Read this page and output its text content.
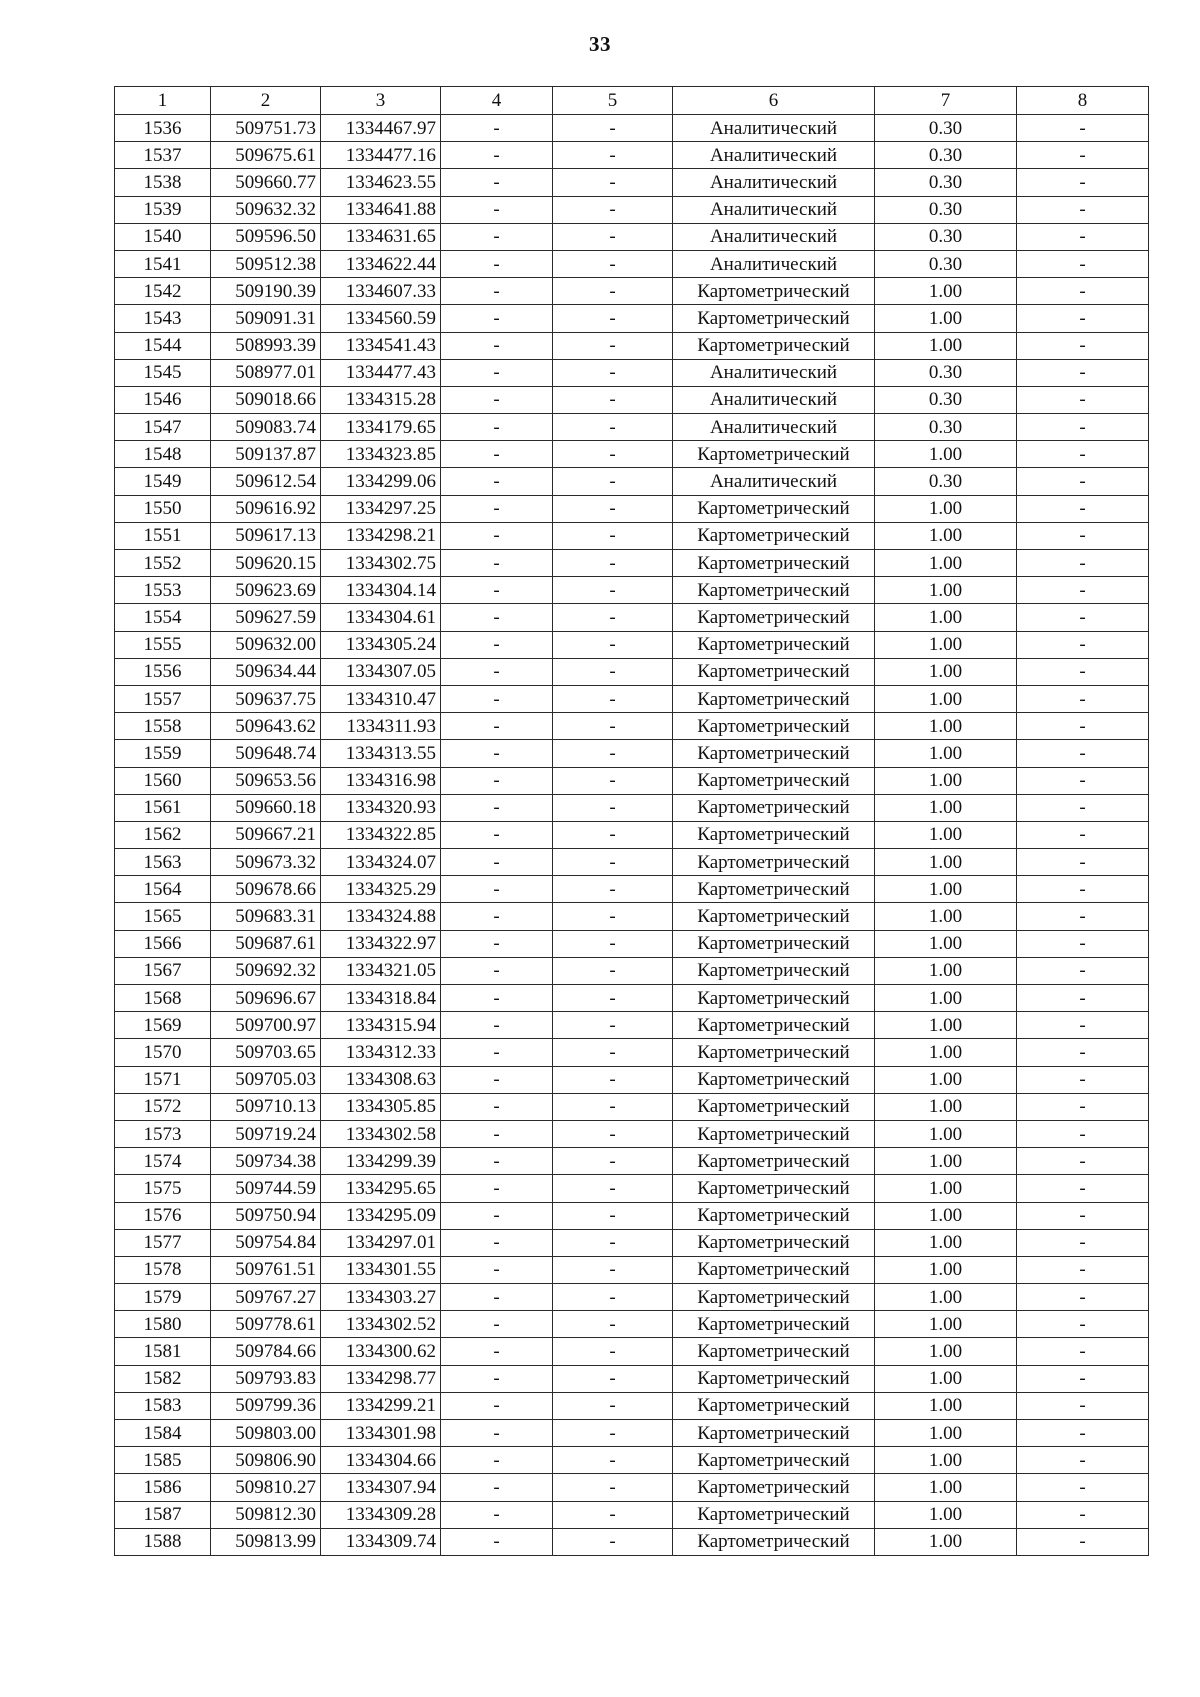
33
1	2	3	4	5	6	7	8
1536	509751.73	1334467.97	-	-	Аналитический	0.30	-
1537	509675.61	1334477.16	-	-	Аналитический	0.30	-
1538	509660.77	1334623.55	-	-	Аналитический	0.30	-
1539	509632.32	1334641.88	-	-	Аналитический	0.30	-
1540	509596.50	1334631.65	-	-	Аналитический	0.30	-
1541	509512.38	1334622.44	-	-	Аналитический	0.30	-
1542	509190.39	1334607.33	-	-	Картометрический	1.00	-
1543	509091.31	1334560.59	-	-	Картометрический	1.00	-
1544	508993.39	1334541.43	-	-	Картометрический	1.00	-
1545	508977.01	1334477.43	-	-	Аналитический	0.30	-
1546	509018.66	1334315.28	-	-	Аналитический	0.30	-
1547	509083.74	1334179.65	-	-	Аналитический	0.30	-
1548	509137.87	1334323.85	-	-	Картометрический	1.00	-
1549	509612.54	1334299.06	-	-	Аналитический	0.30	-
1550	509616.92	1334297.25	-	-	Картометрический	1.00	-
1551	509617.13	1334298.21	-	-	Картометрический	1.00	-
1552	509620.15	1334302.75	-	-	Картометрический	1.00	-
1553	509623.69	1334304.14	-	-	Картометрический	1.00	-
1554	509627.59	1334304.61	-	-	Картометрический	1.00	-
1555	509632.00	1334305.24	-	-	Картометрический	1.00	-
1556	509634.44	1334307.05	-	-	Картометрический	1.00	-
1557	509637.75	1334310.47	-	-	Картометрический	1.00	-
1558	509643.62	1334311.93	-	-	Картометрический	1.00	-
1559	509648.74	1334313.55	-	-	Картометрический	1.00	-
1560	509653.56	1334316.98	-	-	Картометрический	1.00	-
1561	509660.18	1334320.93	-	-	Картометрический	1.00	-
1562	509667.21	1334322.85	-	-	Картометрический	1.00	-
1563	509673.32	1334324.07	-	-	Картометрический	1.00	-
1564	509678.66	1334325.29	-	-	Картометрический	1.00	-
1565	509683.31	1334324.88	-	-	Картометрический	1.00	-
1566	509687.61	1334322.97	-	-	Картометрический	1.00	-
1567	509692.32	1334321.05	-	-	Картометрический	1.00	-
1568	509696.67	1334318.84	-	-	Картометрический	1.00	-
1569	509700.97	1334315.94	-	-	Картометрический	1.00	-
1570	509703.65	1334312.33	-	-	Картометрический	1.00	-
1571	509705.03	1334308.63	-	-	Картометрический	1.00	-
1572	509710.13	1334305.85	-	-	Картометрический	1.00	-
1573	509719.24	1334302.58	-	-	Картометрический	1.00	-
1574	509734.38	1334299.39	-	-	Картометрический	1.00	-
1575	509744.59	1334295.65	-	-	Картометрический	1.00	-
1576	509750.94	1334295.09	-	-	Картометрический	1.00	-
1577	509754.84	1334297.01	-	-	Картометрический	1.00	-
1578	509761.51	1334301.55	-	-	Картометрический	1.00	-
1579	509767.27	1334303.27	-	-	Картометрический	1.00	-
1580	509778.61	1334302.52	-	-	Картометрический	1.00	-
1581	509784.66	1334300.62	-	-	Картометрический	1.00	-
1582	509793.83	1334298.77	-	-	Картометрический	1.00	-
1583	509799.36	1334299.21	-	-	Картометрический	1.00	-
1584	509803.00	1334301.98	-	-	Картометрический	1.00	-
1585	509806.90	1334304.66	-	-	Картометрический	1.00	-
1586	509810.27	1334307.94	-	-	Картометрический	1.00	-
1587	509812.30	1334309.28	-	-	Картометрический	1.00	-
1588	509813.99	1334309.74	-	-	Картометрический	1.00	-
